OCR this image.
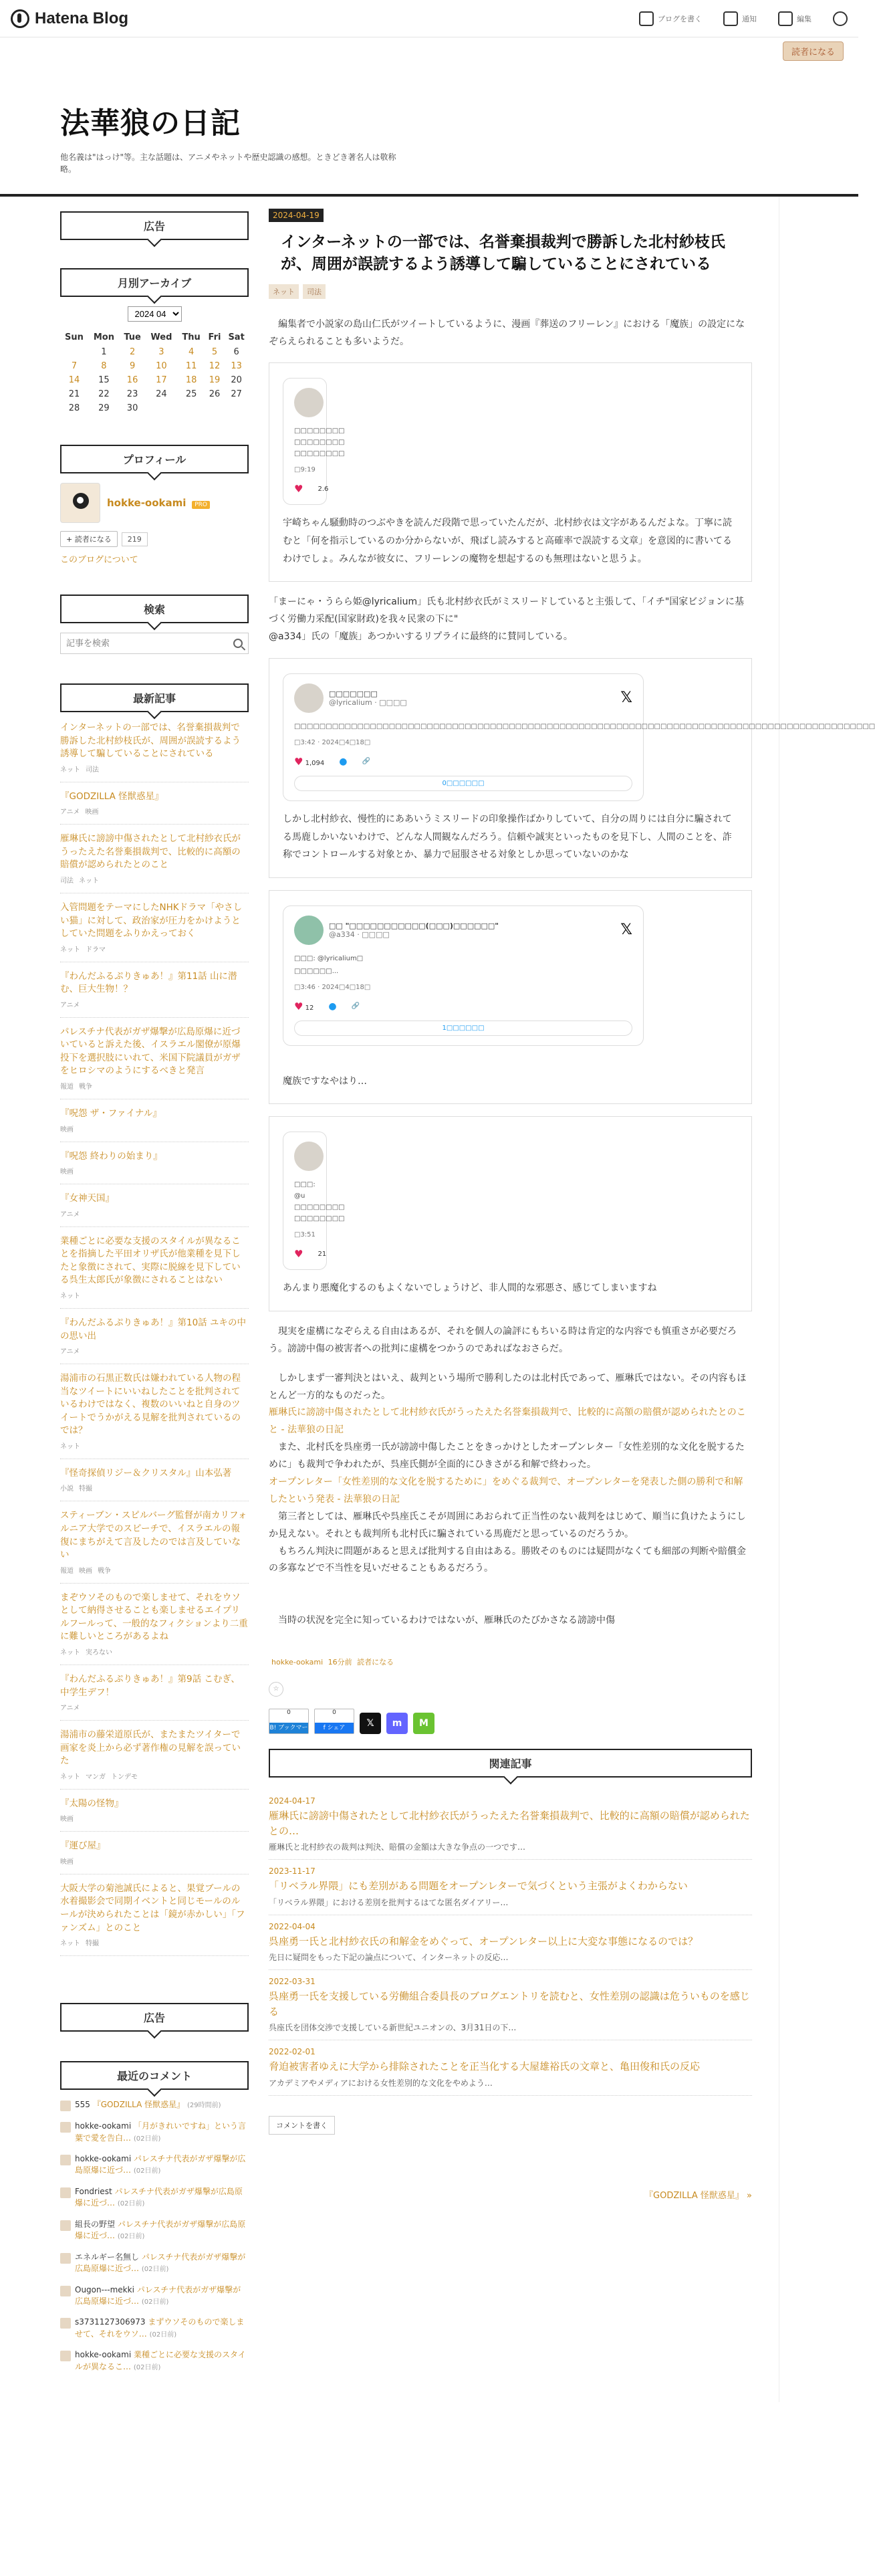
Hatena Blog	ブログを書く	通知	編集
読者になる
法華狼の日記
他名義は"はっけ"等。主な話題は、アニメやネットや歴史認識の感想。ときどき著名人は敬称略。
広告
月別アーカイブ
2024 04
Sun	Mon	Tue	Wed	Thu	Fri	Sat
	1	2	3	4	5	6
7	8	9	10	11	12	13
14	15	16	17	18	19	20
21	22	23	24	25	26	27
28	29	30				
プロフィール
hokke-ookami PRO
+ 読者になる	219
このブログについて
検索
記事を検索
最新記事
インターネットの一部では、名誉棄損裁判で勝訴した北村紗枝氏が、周囲が誤読するよう誘導して騙していることにされている
ネット 司法
『GODZILLA 怪獣惑星』
アニメ 映画
雁琳氏に謗謗中傷されたとして北村紗衣氏がうったえた名誉棄損裁判で、比較的に高額の賠償が認められたとのこと
司法 ネット
入管問題をテーマにしたNHKドラマ「やさしい猫」に対して、政治家が圧力をかけようとしていた問題をふりかえっておく
ネット ドラマ
『わんだふるぷりきゅあ！』第11話 山に潜む、巨大生物！？
アニメ
パレスチナ代表がガザ爆撃が広島原爆に近づいていると訴えた後、イスラエル閣僚が原爆投下を選択肢にいれて、米国下院議員がガザをヒロシマのようにするべきと発言
報道 戦争
『呪怨 ザ・ファイナル』
映画
『呪怨 終わりの始まり』
映画
『女神天国』
アニメ
業種ごとに必要な支援のスタイルが異なることを指摘した平田オリザ氏が他業種を見下したと象徴にされて、実際に脱線を見下している呉生太郎氏が象徴にされることはない
ネット
『わんだふるぷりきゅあ！』第10話 ユキの中の思い出
アニメ
湯浦市の石黒正数氏は嫌われている人物の程当なツイートにいいねしたことを批判されているわけではなく、複数のいいねと自身のツイートでうかがえる見解を批判されているのでは？
ネット
『怪奇探偵リジー＆クリスタル』山本弘著
小説 特撮
スティーブン・スピルバーグ監督が南カリフォルニア大学でのスピーチで、イスラエルの報復にまちがえて言及したのでは言及していない
報道 映画 戦争
まぞウソそのもので楽しませて、それをウソとして納得させることも楽しませるエイプリルフールって、一般的なフィクションより二重に難しいところがあるよね
ネット 実ろない
『わんだふるぷりきゅあ！』第9話 こむぎ、中学生デフ！
アニメ
湯浦市の藤栄道原氏が、またまたツイターで画家を炎上から必ず著作権の見解を誤っていた
ネット マンガ トンデモ
『太陽の怪物』
映画
『運び屋』
映画
大阪大学の菊池誠氏によると、果覚ブールの水着撮影会で同期イベントと同じモールのルールが決められたことは「鏡が赤かしい」「ファンズム」とのこと
ネット 特撮
広告
最近のコメント
555 『GODZILLA 怪獣惑星』 (29時間前)
hokke-ookami 「月がきれいですね」という言葉で愛を告白… (02日前)
hokke-ookami パレスチナ代表がガザ爆撃が広島原爆に近づ… (02日前)
Fondriest パレスチナ代表がガザ爆撃が広島原爆に近づ… (02日前)
組長の野望 パレスチナ代表がガザ爆撃が広島原爆に近づ… (02日前)
エネルギー名無し パレスチナ代表がガザ爆撃が広島原爆に近づ… (02日前)
Ougon---mekki パレスチナ代表がガザ爆撃が広島原爆に近づ… (02日前)
s3731127306973 まずウソそのもので楽しませて、それをウソ… (02日前)
hokke-ookami 業種ごとに必要な支援のスタイルが異なるこ… (02日前)
2024-04-19
インターネットの一部では、名誉棄損裁判で勝訴した北村紗枝氏が、周囲が誤読するよう誘導して騙していることにされている
ネット	司法

編集者で小説家の島山仁氏がツイートしているように、漫画『葬送のフリーレン』における「魔族」の設定になぞらえられることも多いようだ。

□□□□□□□□
□□□□□□□□
□□□□□□□□
□9:19
♥ 2.6

宇崎ちゃん騒動時のつぶやきを読んだ段階で思っていたんだが、北村紗衣は文字があるんだよな。丁寧に読むと「何を指示しているのか分からないが、飛ばし読みすると高確率で誤読する文章」を意図的に書いてるわけでしょ。みんなが彼女に、フリーレンの魔物を想起するのも無理はないと思うよ。

「まーにゃ・うらら姫@lyricalium」氏も北村紗衣氏がミスリードしていると主張して、「イチ"国家ビジョンに基づく労働力采配(国家財政)を我々民衆の下に"

@a334」氏の「魔族」あつかいするリプライに最終的に賛同している。

□□□□□□□
@lyricalium · □□□□	𝕏
□□□□□□□□□□□□□□□□□□□□□□□□□□□□□□□□□□□□□□□□□□□□□□□□□□□□□□□□□□□□□□□□□□□□□□□□□□□□□□□□□□□□□□□□□□□□
□3:42 · 2024□4□18□
♥ 1,094 ● 🔗
0□□□□□□

しかし北村紗衣、慢性的にああいうミスリードの印象操作ばかりしていて、自分の周りには自分に騙されてる馬鹿しかいないわけで、どんな人間観なんだろう。信頼や誠実といったものを見下し、人間のことを、詐称でコントロールする対象とか、暴力で屈服させる対象としか思っていないのかな

□□ "□□□□□□□□□□□(□□□)□□□□□□"
@a334 · □□□□	𝕏
□□□: @lyricalium□
□□□□□□...
□3:46 · 2024□4□18□
♥ 12 ● 🔗
1□□□□□□

魔族ですなやはり…

□□□: @u
□□□□□□□□
□□□□□□□□
□3:51
♥ 21

あんまり悪魔化するのもよくないでしょうけど、非人間的な邪悪さ、感じてしまいますね

現実を虚構になぞらえる自由はあるが、それを個人の論評にもちいる時は肯定的な内容でも慎重さが必要だろう。謗謗中傷の被害者への批判に虚構をつかうのであればなおさらだ。

しかしまず一審判決とはいえ、裁判という場所で勝利したのは北村氏であって、雁琳氏ではない。その内容もほとんど一方的なものだった。

雁琳氏に謗謗中傷されたとして北村紗衣氏がうったえた名誉棄損裁判で、比較的に高額の賠償が認められたとのこと - 法華狼の日記

また、北村氏を呉座勇一氏が謗謗中傷したことをきっかけとしたオープンレター「女性差別的な文化を脱するために」も裁判で争われたが、呉座氏側が全面的にひきさがる和解で終わった。

オープンレター「女性差別的な文化を脱するために」をめぐる裁判で、オープンレターを発表した側の勝利で和解したという発表 - 法華狼の日記

第三者としては、雁琳氏や呉座氏こそが周囲にあおられて正当性のない裁判をはじめて、順当に負けたようにしか見えない。それとも裁判所も北村氏に騙されている馬鹿だと思っているのだろうか。

もちろん判決に問題があると思えば批判する自由はある。勝敗そのものには疑問がなくても細部の判断や賠償金の多寡などで不当性を見いだせることもあるだろう。

当時の状況を完全に知っているわけではないが、雁琳氏のたびかさなる謗謗中傷

hokke-ookami 16分前 読者になる
☆
0
B! ブックマーク
0
f シェア	𝕏	m	M
関連記事
2024-04-17
雁琳氏に謗謗中傷されたとして北村紗衣氏がうったえた名誉棄損裁判で、比較的に高額の賠償が認められたとの…
雁琳氏と北村紗衣の裁判は判決、賠償の金額は大きな争点の一つです…
2023-11-17
「リベラル界隈」にも差別がある問題をオープンレターで気づくという主張がよくわからない
「リベラル界隈」における差別を批判するはてな匿名ダイアリー…
2022-04-04
呉座勇一氏と北村紗衣氏の和解金をめぐって、オープンレター以上に大変な事態になるのでは？
先日に疑問をもった下記の論点について、インターネットの反応…
2022-03-31
呉座勇一氏を支援している労働組合委員長のブログエントリを読むと、女性差別の認識は危ういものを感じる
呉座氏を団体交渉で支援している新世紀ユニオンの、3月31日の下…
2022-02-01
脅迫被害者ゆえに大学から排除されたことを正当化する大屋雄裕氏の文章と、亀田俊和氏の反応
アカデミアやメディアにおける女性差別的な文化をやめよう…
コメントを書く
『GODZILLA 怪獣惑星』 »
